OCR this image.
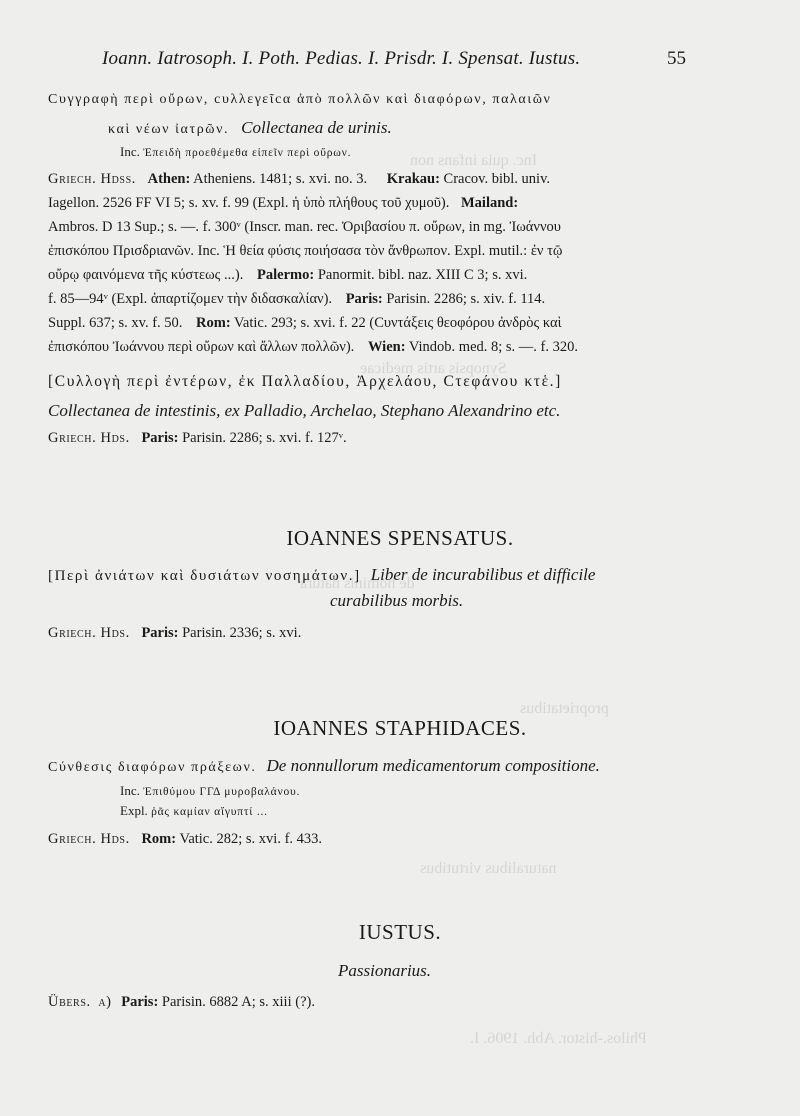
Inc. quia infans non
Synopsis artis medicae
de hominis natura
proprietatibus
naturalibus virtutibus
Philos.-histor. Abh. 1906. I.
Ioann. Iatrosoph. I. Poth. Pedias. I. Prisdr. I. Spensat. Iustus.	55
Cυγγραφὴ περὶ οὔρων, cυλλεγεῖcα ἀπὸ πολλῶν καὶ διαφόρων, παλαιῶν
καὶ νέων ἰατρῶν. Collectanea de urinis.
Inc. Ἐπειδὴ προεθέμεθα εἰπεῖν περὶ οὔρων.
Griech. Hdss. Athen: Atheniens. 1481; s. xvi. no. 3. Krakau: Cracov. bibl. univ.
Iagellon. 2526 FF VI 5; s. xv. f. 99 (Expl. ἡ ὑπὸ πλήθους τοῦ χυμοῦ). Mailand:
Ambros. D 13 Sup.; s. —. f. 300ᵛ (Inscr. man. rec. Ὀριβασίου π. οὔρων, in mg. Ἰωάννου
ἐπισκόπου Πρισδριανῶν. Inc. Ἡ θεία φύσις ποιήσασα τὸν ἄνθρωπον. Expl. mutil.: ἐν τῷ
οὔρῳ φαινόμενα τῆς κύστεως ...). Palermo: Panormit. bibl. naz. XIII C 3; s. xvi.
f. 85—94ᵛ (Expl. ἀπαρτίζομεν τὴν διδασκαλίαν). Paris: Parisin. 2286; s. xiv. f. 114.
Suppl. 637; s. xv. f. 50. Rom: Vatic. 293; s. xvi. f. 22 (Cυντάξεις θεοφόρου ἀνδρὸς καὶ
ἐπισκόπου Ἰωάννου περὶ οὔρων καὶ ἄλλων πολλῶν). Wien: Vindob. med. 8; s. —. f. 320.
[Cυλλογὴ περὶ ἐντέρων, ἐκ Παλλαδίου, Ἀρχελάου, Cτεφάνου κτἑ.]
Collectanea de intestinis, ex Palladio, Archelao, Stephano Alexandrino etc.
Griech. Hds. Paris: Parisin. 2286; s. xvi. f. 127ᵛ.
IOANNES SPENSATUS.
[Περὶ ἀνιάτων καὶ δυσιάτων νοσημάτων.] Liber de incurabilibus et difficile
curabilibus morbis.
Griech. Hds. Paris: Parisin. 2336; s. xvi.
IOANNES STAPHIDACES.
Cύνθεσις διαφόρων πράξεων. De nonnullorum medicamentorum compositione.
Inc. Ἐπιθύμου ΓΓΔ μυροβαλάνου.
Expl. ῥᾶς καμίαν αἴγυπτί ...
Griech. Hds. Rom: Vatic. 282; s. xvi. f. 433.
IUSTUS.
Passionarius.
Übers. a) Paris: Parisin. 6882 A; s. xiii (?).
